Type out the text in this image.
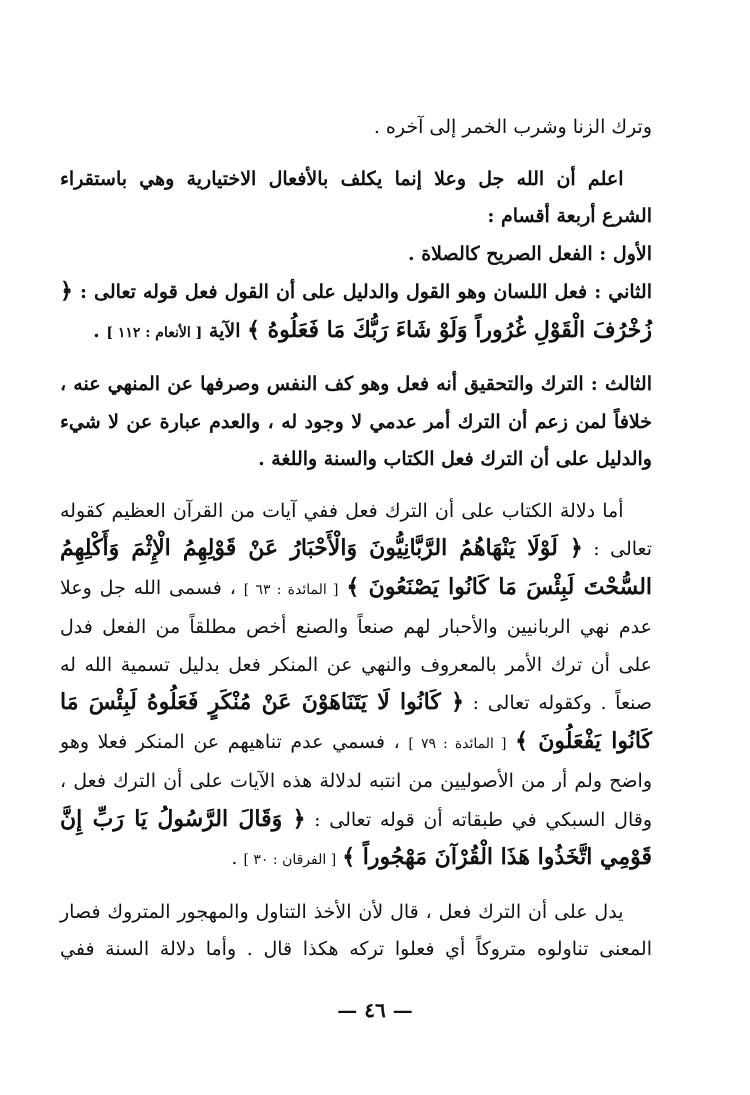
وترك الزنا وشرب الخمر إلى آخره .

اعلم أن الله جل وعلا إنما يكلف بالأفعال الاختيارية وهي باستقراء الشرع أربعة أقسام :

الأول : الفعل الصريح كالصلاة .

الثاني : فعل اللسان وهو القول والدليل على أن القول فعل قوله تعالى : ﴿ زُخْرُفَ الْقَوْلِ غُرُوراً وَلَوْ شَاءَ رَبُّكَ مَا فَعَلُوهُ ﴾ الآية [ الأنعام : ١١٢ ] .

الثالث : الترك والتحقيق أنه فعل وهو كف النفس وصرفها عن المنهي عنه ، خلافاً لمن زعم أن الترك أمر عدمي لا وجود له ، والعدم عبارة عن لا شيء والدليل على أن الترك فعل الكتاب والسنة واللغة .

أما دلالة الكتاب على أن الترك فعل ففي آيات من القرآن العظيم كقوله تعالى : ﴿ لَوْلَا يَنْهَاهُمُ الرَّبَّانِيُّونَ وَالْأَحْبَارُ عَنْ قَوْلِهِمُ الْإِثْمَ وَأَكْلِهِمُ السُّحْتَ لَبِئْسَ مَا كَانُوا يَصْنَعُونَ ﴾ [ المائدة : ٦٣ ] ، فسمى الله جل وعلا عدم نهي الربانيين والأحبار لهم صنعاً والصنع أخص مطلقاً من الفعل فدل على أن ترك الأمر بالمعروف والنهي عن المنكر فعل بدليل تسمية الله له صنعاً . وكقوله تعالى : ﴿ كَانُوا لَا يَتَنَاهَوْنَ عَنْ مُنْكَرٍ فَعَلُوهُ لَبِئْسَ مَا كَانُوا يَفْعَلُونَ ﴾ [ المائدة : ٧٩ ] ، فسمي عدم تناهيهم عن المنكر فعلا وهو واضح ولم أر من الأصوليين من انتبه لدلالة هذه الآيات على أن الترك فعل ، وقال السبكي في طبقاته أن قوله تعالى : ﴿ وَقَالَ الرَّسُولُ يَا رَبِّ إِنَّ قَوْمِي اتَّخَذُوا هَذَا الْقُرْآنَ مَهْجُوراً ﴾ [ الفرقان : ٣٠ ] .

يدل على أن الترك فعل ، قال لأن الأخذ التناول والمهجور المتروك فصار المعنى تناولوه متروكاً أي فعلوا تركه هكذا قال . وأما دلالة السنة ففي

— ٤٦ —
